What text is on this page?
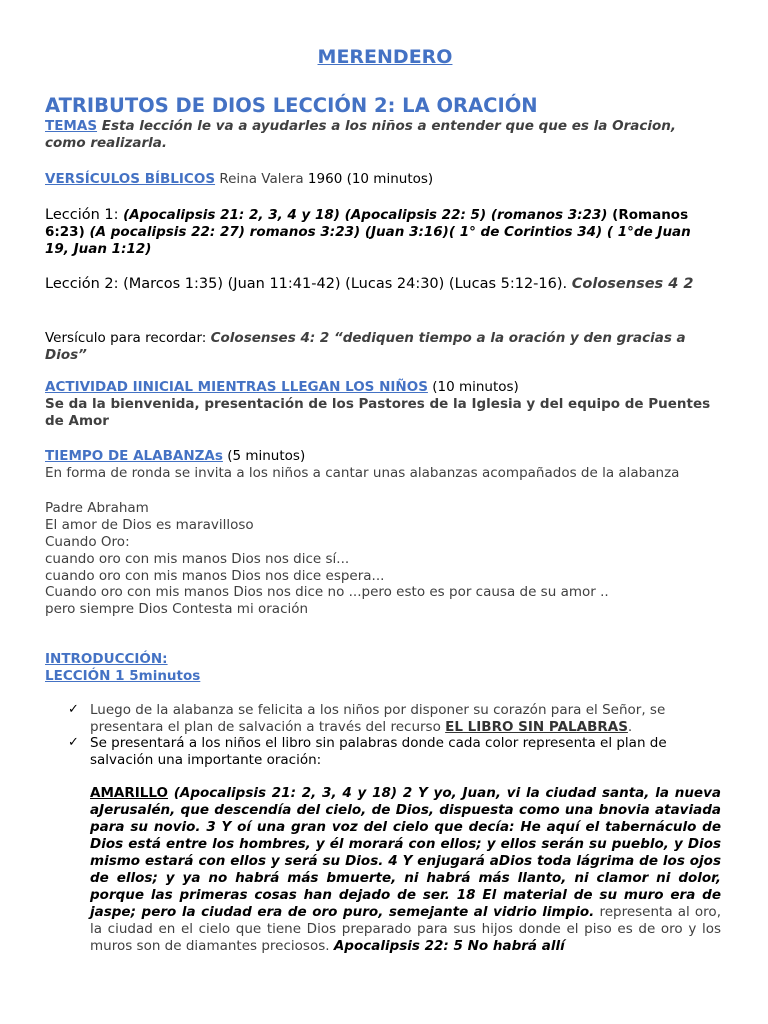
MERENDERO
ATRIBUTOS DE DIOS LECCIÓN 2: LA ORACIÓN
TEMAS Esta lección le va a ayudarles a los niños a entender que que es la Oracion, como realizarla.
VERSÍCULOS BÍBLICOS Reina Valera 1960 (10 minutos)
Lección 1: (Apocalipsis 21: 2, 3, 4 y 18) (Apocalipsis 22: 5) (romanos 3:23) (Romanos 6:23) (A pocalipsis 22: 27) romanos 3:23) (Juan 3:16)( 1° de Corintios 34) ( 1°de Juan 19, Juan 1:12)
Lección 2: (Marcos 1:35) (Juan 11:41-42) (Lucas 24:30) (Lucas 5:12-16). Colosenses 4 2
Versículo para recordar: Colosenses 4: 2 “dediquen tiempo a la oración y den gracias a Dios”
ACTIVIDAD IINICIAL MIENTRAS LLEGAN LOS NIÑOS (10 minutos)
Se da la bienvenida, presentación de los Pastores de la Iglesia y del equipo de Puentes de Amor
TIEMPO DE ALABANZAs (5 minutos)
En forma de ronda se invita a los niños a cantar unas alabanzas acompañados de la alabanza
Padre Abraham
El amor de Dios es maravilloso
Cuando Oro:
cuando oro con mis manos Dios nos dice sí...
cuando oro con mis manos Dios nos dice espera...
Cuando oro con mis manos Dios nos dice no ...pero esto es por causa de su amor ..
pero siempre Dios Contesta mi oración
INTRODUCCIÓN:
LECCIÓN 1 5minutos
✓ Luego de la alabanza se felicita a los niños por disponer su corazón para el Señor, se presentara el plan de salvación a través del recurso EL LIBRO SIN PALABRAS.
✓ Se presentará a los niños el libro sin palabras donde cada color representa el plan de salvación una importante oración:
AMARILLO (Apocalipsis 21: 2, 3, 4 y 18) 2 Y yo, Juan, vi la ciudad santa, la nueva aJerusalén, que descendía del cielo, de Dios, dispuesta como una bnovia ataviada para su novio. 3 Y oí una gran voz del cielo que decía: He aquí el tabernáculo de Dios está entre los hombres, y él morará con ellos; y ellos serán su pueblo, y Dios mismo estará con ellos y será su Dios. 4 Y enjugará aDios toda lágrima de los ojos de ellos; y ya no habrá más bmuerte, ni habrá más llanto, ni clamor ni dolor, porque las primeras cosas han dejado de ser. 18 El material de su muro era de jaspe; pero la ciudad era de oro puro, semejante al vidrio limpio. representa al oro, la ciudad en el cielo que tiene Dios preparado para sus hijos donde el piso es de oro y los muros son de diamantes preciosos. Apocalipsis 22: 5 No habrá allí
